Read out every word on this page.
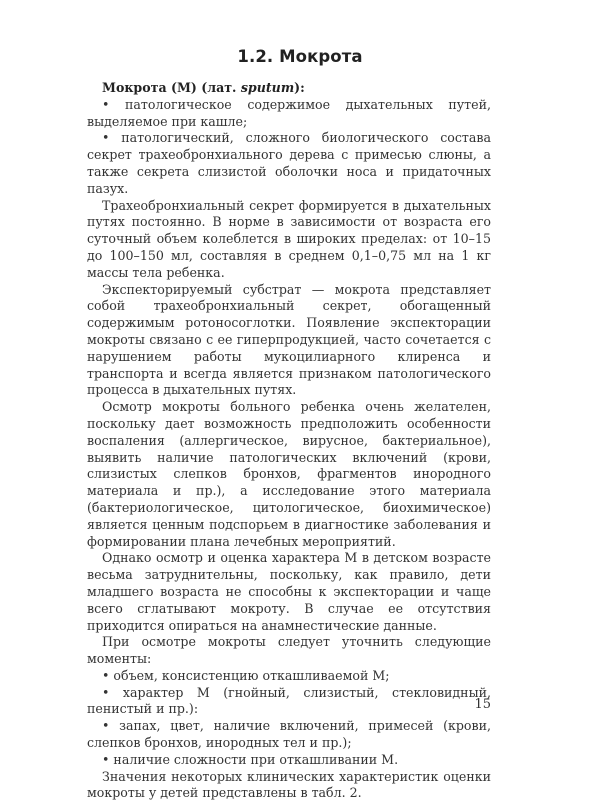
1.2. Мокрота

Мокрота (М) (лат. sputum):

• патологическое содержимое дыхательных путей, выделяемое при кашле;

• патологический, сложного биологического состава секрет трахеобронхиального дерева с примесью слюны, а также секрета слизистой оболочки носа и придаточных пазух.

Трахеобронхиальный секрет формируется в дыхательных путях постоянно. В норме в зависимости от возраста его суточный объем колеблется в широких пределах: от 10–15 до 100–150 мл, составляя в среднем 0,1–0,75 мл на 1 кг массы тела ребенка.

Экспекторируемый субстрат — мокрота представляет собой трахеобронхиальный секрет, обогащенный содержимым ротоносоглотки. Появление экспекторации мокроты связано с ее гиперпродукцией, часто сочетается с нарушением работы мукоцилиарного клиренса и транспорта и всегда является признаком патологического процесса в дыхательных путях.

Осмотр мокроты больного ребенка очень желателен, поскольку дает возможность предположить особенности воспаления (аллергическое, вирусное, бактериальное), выявить наличие патологических включений (крови, слизистых слепков бронхов, фрагментов инородного материала и пр.), а исследование этого материала (бактериологическое, цитологическое, биохимическое) является ценным подспорьем в диагностике заболевания и формировании плана лечебных мероприятий.

Однако осмотр и оценка характера М в детском возрасте весьма затруднительны, поскольку, как правило, дети младшего возраста не способны к экспекторации и чаще всего сглатывают мокроту. В случае ее отсутствия приходится опираться на анамнестические данные.

При осмотре мокроты следует уточнить следующие моменты:

• объем, консистенцию откашливаемой М;

• характер М (гнойный, слизистый, стекловидный, пенистый и пр.):

• запах, цвет, наличие включений, примесей (крови, слепков бронхов, инородных тел и пр.);

• наличие сложности при откашливании М.

Значения некоторых клинических характеристик оценки мокроты у детей представлены в табл. 2.

15
